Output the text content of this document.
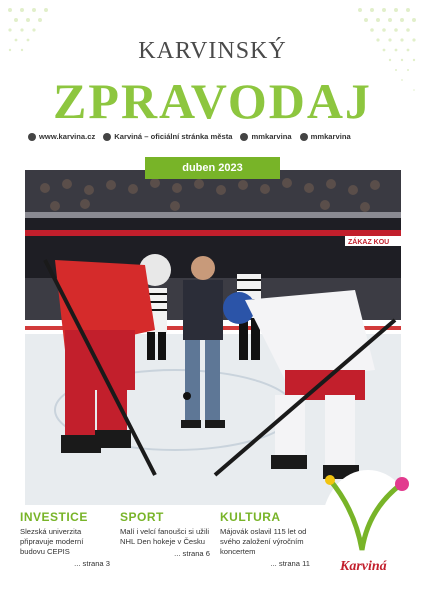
KARVINSKÝ
ZPRAVODAJ
www.karvina.cz	Karviná – oficiální stránka města	mmkarvina	mmkarvina
ZÁKAZ KOU
INVESTICE
Slezská univerzita připravuje moderní budovu CEPIS
... strana 3
SPORT
Malí i velcí fanoušci si užili NHL Den hokeje v Česku
... strana 6
KULTURA
Májovák oslavil 115 let od svého založení výročním koncertem
... strana 11
duben 2023
Karviná
